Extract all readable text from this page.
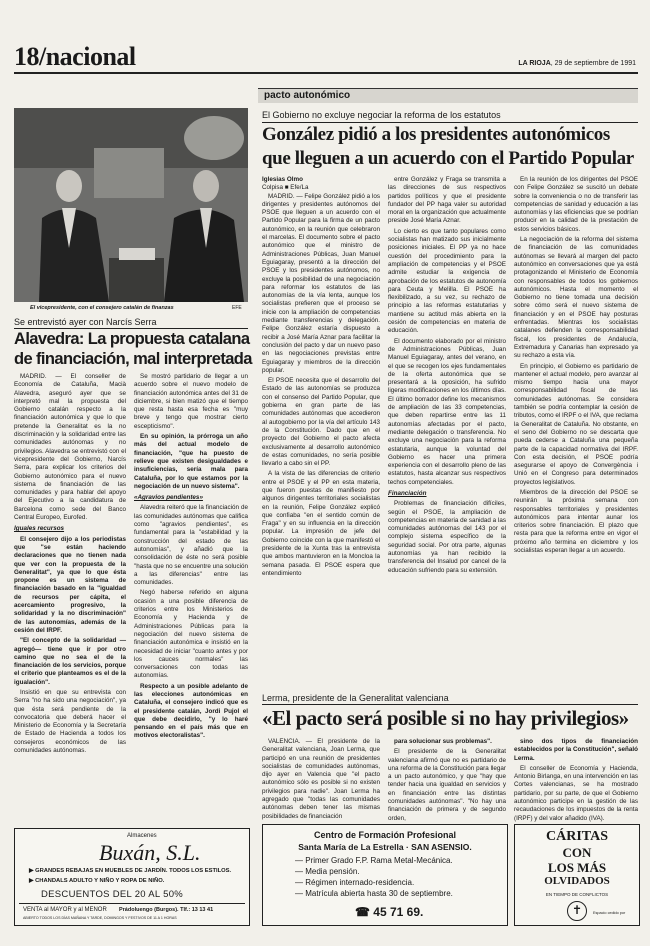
18/nacional	LA RIOJA, 29 de septiembre de 1991
pacto autonómico
El Gobierno no excluye negociar la reforma de los estatutos
González pidió a los presidentes autonómicos
que lleguen a un acuerdo con el Partido Popular
El vicepresidente, con el consejero catalán de finanzas	EFE
Se entrevistó ayer con Narcís Serra
Alavedra: La propuesta catalana
de financiación, mal interpretada

MADRID. — El conseller de Economía de Cataluña, Macià Alavedra, aseguró ayer que se interpretó mal la propuesta del Gobierno catalán respecto a la financiación autonómica y que lo que pretende la Generalitat es la no discriminación y la solidaridad entre las comunidades autónomas y no privilegios. Alavedra se entrevistó con el vicepresidente del Gobierno, Narcís Serra, para explicar los criterios del Gobierno autonómico para el nuevo sistema de financiación de las comunidades y para hablar del apoyo del Ejecutivo a la candidatura de Barcelona como sede del Banco Central Europeo, Eurofed.

Iguales recursos

El consejero dijo a los periodistas que "se están haciendo declaraciones que no tienen nada que ver con la propuesta de la Generalitat", ya que lo que ésta propone es un sistema de financiación basado en la "igualdad de recursos per cápita, el acercamiento progresivo, la solidaridad y la no discriminación" de las autonomías, además de la cesión del IRPF.

"El concepto de la solidaridad —agregó— tiene que ir por otro camino que no sea el de la financiación de los servicios, porque el criterio que planteamos es el de la igualación".

Insistió en que su entrevista con Serra "no ha sido una negociación", ya que ésta será pendiente de la convocatoria que deberá hacer el Ministerio de Economía y la Secretaría de Estado de Hacienda a todos los consejeros económicos de las comunidades autónomas.

Se mostró partidario de llegar a un acuerdo sobre el nuevo modelo de financiación autonómica antes del 31 de diciembre, si bien matizó que el tiempo que resta hasta esa fecha es "muy breve y tengo que mostrar cierto escepticismo".

En su opinión, la prórroga un año más del actual modelo de financiación, "que ha puesto de relieve que existen desigualdades e insuficiencias, sería mala para Cataluña, por lo que estamos por la negociación de un nuevo sistema".

«Agravios pendientes»

Alavedra reiteró que la financiación de las comunidades autónomas que califica como "agravios pendientes", es fundamental para la "estabilidad y la construcción del estado de las autonomías", y añadió que la consolidación de éste no será posible "hasta que no se encuentre una solución a las diferencias" entre las comunidades.

Negó haberse referido en alguna ocasión a una posible diferencia de criterios entre los Ministerios de Economía y Hacienda y de Administraciones Públicas para la negociación del nuevo sistema de financiación autonómica e insistió en la necesidad de iniciar "cuanto antes y por los cauces normales" las conversaciones con todas las autonomías.

Respecto a un posible adelanto de las elecciones autonómicas en Cataluña, el consejero indicó que es el presidente catalán, Jordi Pujol el que debe decidirlo, "y lo haré pensando en el país más que en motivos electoralistas".

Iglesias Olmo

Colpisa ■ Efe/La

MADRID. — Felipe González pidió a los dirigentes y presidentes autónomos del PSOE que lleguen a un acuerdo con el Partido Popular para la firma de un pacto autonómico, en la reunión que celebraron el marcelas. El documento sobre el pacto autonómico que el ministro de Administraciones Públicas, Juan Manuel Eguiagaray, presentó a la dirección del PSOE y los presidentes autónomos, no excluye la posibilidad de una negociación para reformar los estatutos de las autonomías de la vía lenta, aunque los socialistas prefieren que el proceso se inicie con la ampliación de competencias mediante transferencias y delegación. Felipe González estaría dispuesto a recibir a José María Aznar para facilitar la conclusión del pacto y dar un nuevo paso en las negociaciones previstas entre Eguiagaray y miembros de la dirección popular.

El PSOE necesita que el desarrollo del Estado de las autonomías se produzca con el consenso del Partido Popular, que gobierna en gran parte de las comunidades autónomas que accedieron al autogobierno por la vía del artículo 143 de la Constitución. Dado que en el proyecto del Gobierno el pacto afecta exclusivamente al desarrollo autonómico de estas comunidades, no sería posible llevarlo a cabo sin el PP.

A la vista de las diferencias de criterio entre el PSOE y el PP en esta materia, que fueron puestas de manifiesto por algunos dirigentes territoriales socialistas en la reunión, Felipe González explicó que confiaba "en el sentido común de Fraga" y en su influencia en la dirección popular. La impresión de jefe del Gobierno coincide con la que manifestó el presidente de la Xunta tras la entrevista que ambos mantuvieron en la Moncloa la semana pasada. El PSOE espera que entendimiento

entre González y Fraga se transmita a las direcciones de sus respectivos partidos políticos y que el presidente fundador del PP haga valer su autoridad moral en la organización que actualmente preside José María Aznar.

Lo cierto es que tanto populares como socialistas han matizado sus inicialmente posiciones iniciales. El PP ya no hace cuestión del procedimiento para la ampliación de competencias y el PSOE admite estudiar la exigencia de aprobación de los estatutos de autonomía para Ceuta y Melilla. El PSOE ha flexibilizado, a su vez, su rechazo de principio a las reformas estatutarias y mantiene su actitud más abierta en la cesión de competencias en materia de educación.

El documento elaborado por el ministro de Administraciones Públicas, Juan Manuel Eguiagaray, antes del verano, en el que se recogen los ejes fundamentales de la oferta autonómica que se presentará a la oposición, ha sufrido ligeras modificaciones en los últimos días. El último borrador define los mecanismos de ampliación de las 33 competencias, que deben repartirse entre las 11 autonomías afectadas por el pacto, mediante delegación o transferencia. No excluye una negociación para la reforma estatutaria, aunque la voluntad del Gobierno es hacer una primera experiencia con el desarrollo pleno de las estatutos, hasta alcanzar sus respectivos techos competenciales.

Financiación

Problemas de financiación difíciles, según el PSOE, la ampliación de competencias en materia de sanidad a las comunidades autónomas del 143 por el complejo sistema específico de la seguridad social. Por otra parte, algunas autonomías ya han recibido la transferencia del Insalud por cancel de la educación sufriendo para su extensión.

En la reunión de los dirigentes del PSOE con Felipe González se suscitó un debate sobre la conveniencia o no de transferir las competencias de sanidad y educación a las autonomías y las eficiencias que se podrían producir en la calidad de la prestación de estos servicios básicos.

La negociación de la reforma del sistema de financiación de las comunidades autónomas se llevará al margen del pacto autonómico en conversaciones que ya está protagonizando el Ministerio de Economía con responsables de todos los gobiernos autonómicos. Hasta el momento el Gobierno no tiene tomada una decisión sobre cómo será el nuevo sistema de financiación y en el PSOE hay posturas enfrentadas. Mientras los socialistas catalanes defienden la corresponsabilidad fiscal, los presidentes de Andalucía, Extremadura y Canarias han expresado ya su rechazo a esta vía.

En principio, el Gobierno es partidario de mantener el actual modelo, pero avanzar al mismo tiempo hacia una mayor corresponsabilidad fiscal de las comunidades autónomas. Se considera también se podría contemplar la cesión de tributos, como el IRPF o el IVA, que reclama la Generalitat de Cataluña. No obstante, en el seno del Gobierno no se descarta que pueda cederse a Cataluña una pequeña parte de la capacidad normativa del IRPF. Con esta decisión, el PSOE podría asegurarse el apoyo de Convergència i Unió en el Congreso para determinados proyectos legislativos.

Miembros de la dirección del PSOE se reunirán la próxima semana con responsables territoriales y presidentes autonómicos para intentar aunar los criterios sobre financiación. El plazo que resta para que la reforma entre en vigor el próximo año termina en diciembre y los socialistas esperan llegar a un acuerdo.

Lerma, presidente de la Generalitat valenciana
«El pacto será posible si no hay privilegios»

VALENCIA. — El presidente de la Generalitat valenciana, Joan Lerma, que participó en una reunión de presidentes socialistas de comunidades autónomas, dijo ayer en Valencia que "el pacto autonómico sólo es posible si no existen privilegios para nadie". Joan Lerma ha agregado que "todas las comunidades autónomas deben tener las mismas posibilidades de financiación

para solucionar sus problemas".

El presidente de la Generalitat valenciana afirmó que no es partidario de una reforma de la Constitución para llegar a un pacto autonómico, y que "hay que tender hacia una igualdad en servicios y en financiación entre las distintas comunidades autónomas". "No hay una financiación de primera y de segundo orden,

sino dos tipos de financiación establecidos por la Constitución", señaló Lerma.

El conseller de Economía y Hacienda, Antonio Birlanga, en una intervención en las Cortes valencianas, se ha mostrado partidario, por su parte, de que el Gobierno autonómico participe en la gestión de las recaudaciones de los impuestos de la renta (IRPF) y del valor añadido (IVA).

Almacenes
Buxán, S.L.
▶ GRANDES REBAJAS EN MUEBLES DE JARDÍN. TODOS LOS ESTILOS.
▶ CHANDALS ADULTO Y NIÑO Y ROPA DE NIÑO.
DESCUENTOS DEL 20 AL 50%
VENTA al MAYOR y al MENOR Prádoluengo (Burgos). Tlf.: 13 13 41
ABIERTO TODOS LOS DÍAS MAÑANA Y TARDE, DOMINGOS Y FESTIVOS DE 11 A 1 HORAS
Centro de Formación Profesional
Santa María de La Estrella · SAN ASENSIO.
— Primer Grado F.P. Rama Metal-Mecánica.
— Media pensión.
— Régimen internado-residencia.
— Matrícula abierta hasta 30 de septiembre.
☎ 45 71 69.
CÁRITAS
CON
LOS MÁS
OLVIDADOS
EN TIEMPO DE CONFLICTOS
✝	Espacio cedido por
